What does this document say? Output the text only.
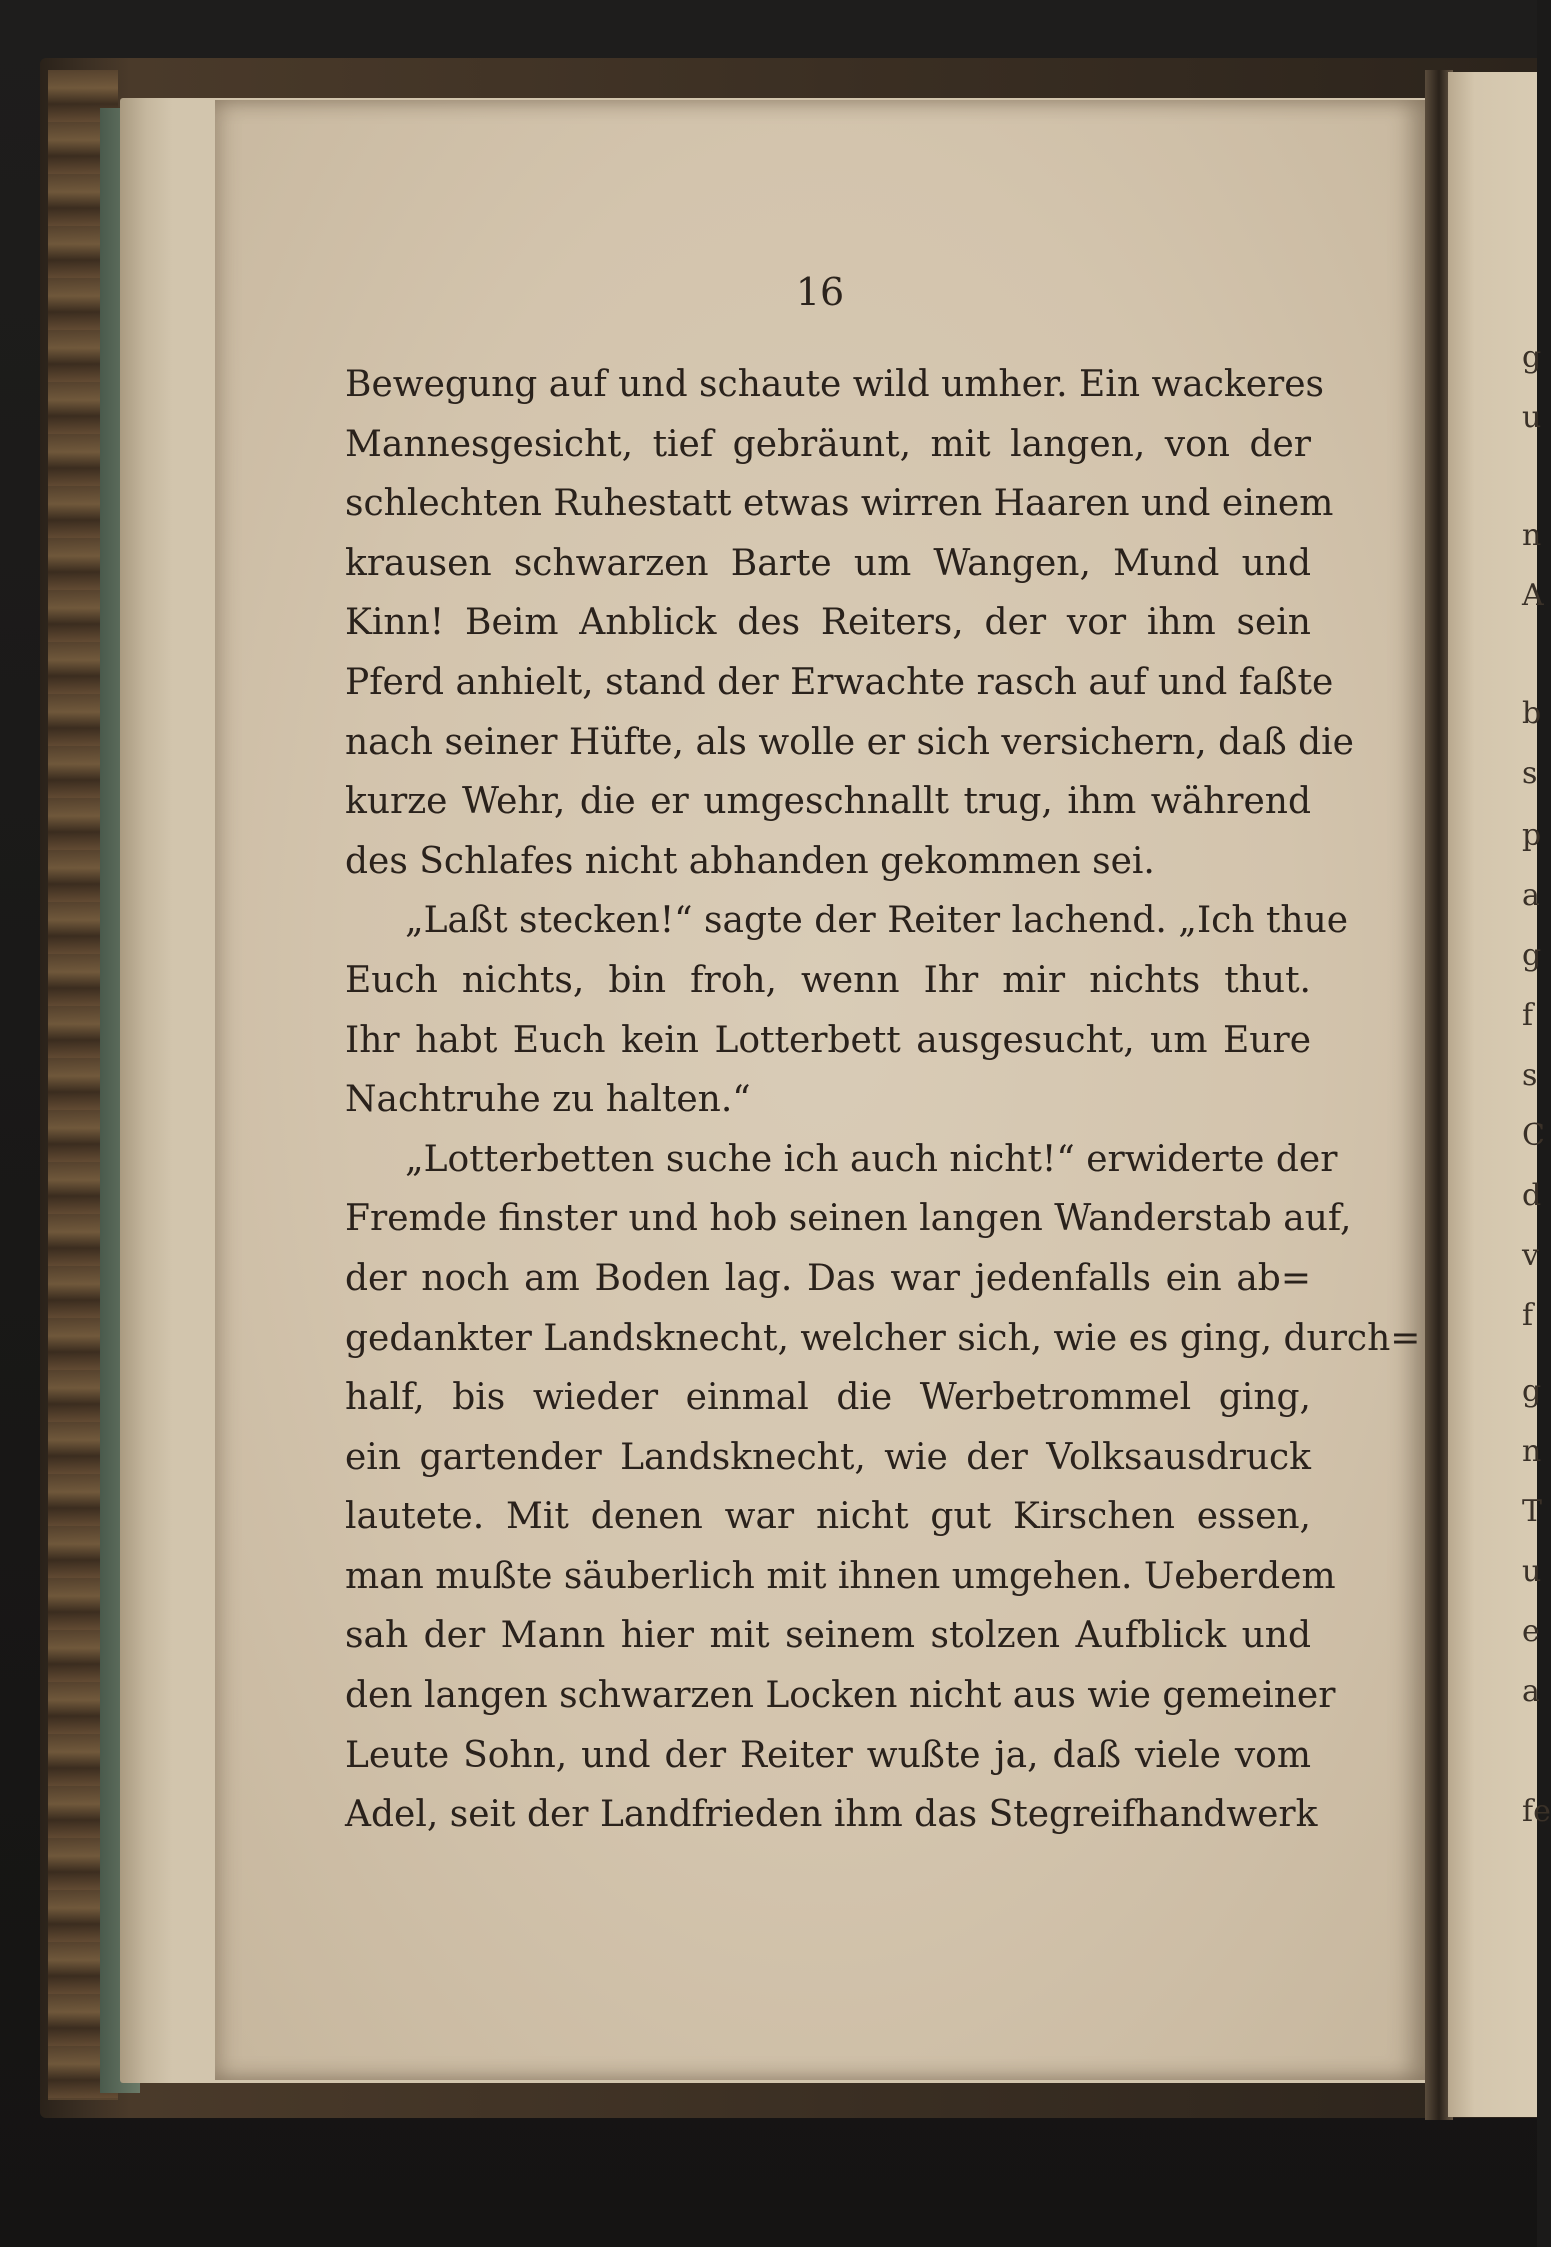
16
Bewegung auf und schaute wild umher. Ein wackeres
Mannesgesicht, tief gebräunt, mit langen, von der
schlechten Ruhestatt etwas wirren Haaren und einem
krausen schwarzen Barte um Wangen, Mund und
Kinn! Beim Anblick des Reiters, der vor ihm sein
Pferd anhielt, stand der Erwachte rasch auf und faßte
nach seiner Hüfte, als wolle er sich versichern, daß die
kurze Wehr, die er umgeschnallt trug, ihm während
des Schlafes nicht abhanden gekommen sei.
„Laßt stecken!“ sagte der Reiter lachend. „Ich thue
Euch nichts, bin froh, wenn Ihr mir nichts thut.
Ihr habt Euch kein Lotterbett ausgesucht, um Eure
Nachtruhe zu halten.“
„Lotterbetten suche ich auch nicht!“ erwiderte der
Fremde finster und hob seinen langen Wanderstab auf,
der noch am Boden lag. Das war jedenfalls ein ab=
gedankter Landsknecht, welcher sich, wie es ging, durch=
half, bis wieder einmal die Werbetrommel ging,
ein gartender Landsknecht, wie der Volksausdruck
lautete. Mit denen war nicht gut Kirschen essen,
man mußte säuberlich mit ihnen umgehen. Ueberdem
sah der Mann hier mit seinem stolzen Aufblick und
den langen schwarzen Locken nicht aus wie gemeiner
Leute Sohn, und der Reiter wußte ja, daß viele vom
Adel, seit der Landfrieden ihm das Stegreifhandwerk
g
u
n
A
b
s
p
a
g
f
s
C
d
v
f
g
n
T
u
e
a
fe
